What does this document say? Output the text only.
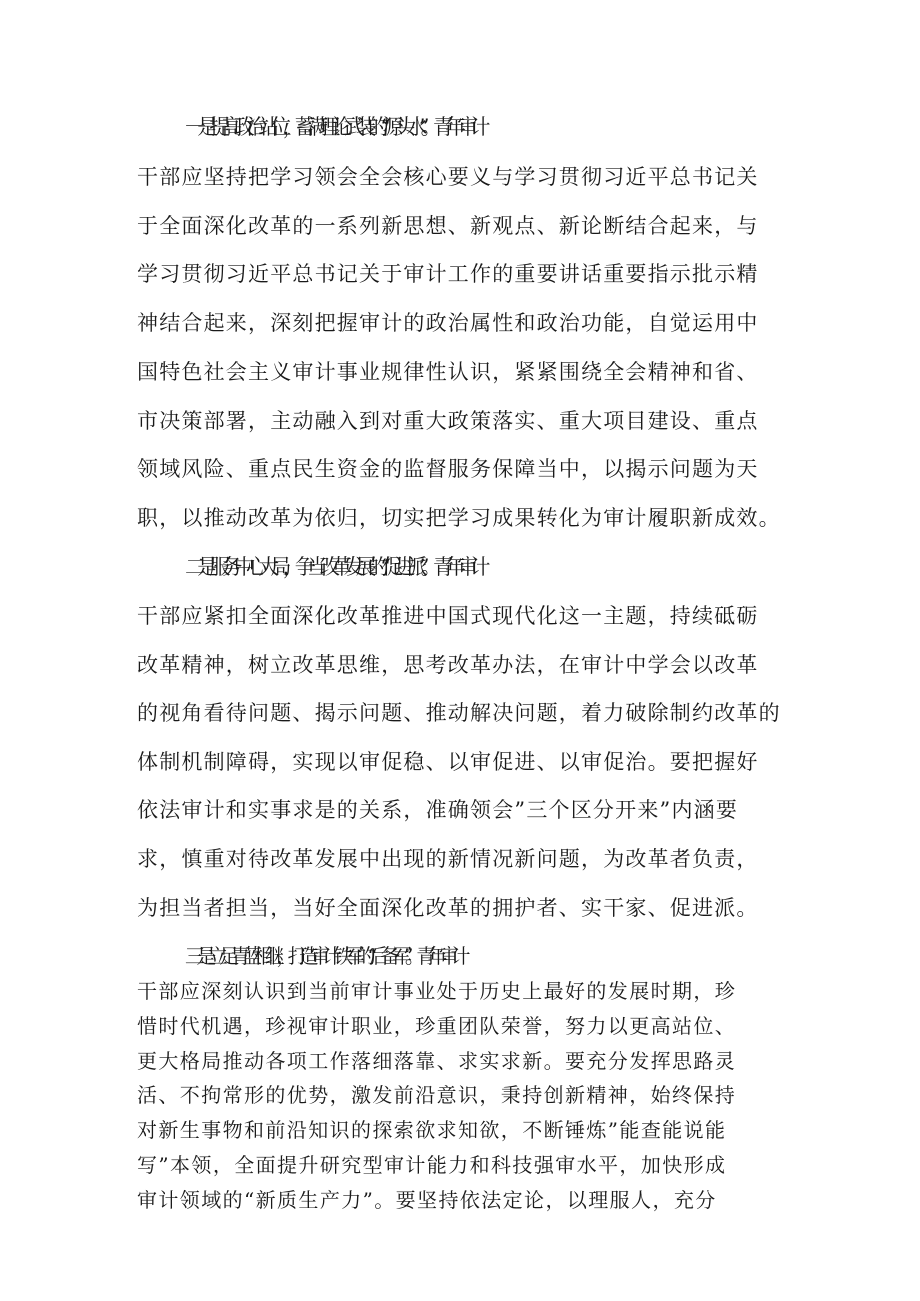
一是提高政治站位，蓄满理论武装的“源头水”。青年审计
干部应坚持把学习领会全会核心要义与学习贯彻习近平总书记关
于全面深化改革的一系列新思想、新观点、新论断结合起来，与
学习贯彻习近平总书记关于审计工作的重要讲话重要指示批示精
神结合起来，深刻把握审计的政治属性和政治功能，自觉运用中
国特色社会主义审计事业规律性认识，紧紧围绕全会精神和省、
市决策部署，主动融入到对重大政策落实、重大项目建设、重点
领域风险、重点民生资金的监督服务保障当中，以揭示问题为天
职，以推动改革为依归，切实把学习成果转化为审计履职新成效。
二是服务中心大局，争当改革发展的“促进派”。青年审计
干部应紧扣全面深化改革推进中国式现代化这一主题，持续砥砺
改革精神，树立改革思维，思考改革办法，在审计中学会以改革
的视角看待问题、揭示问题、推动解决问题，着力破除制约改革的
体制机制障碍，实现以审促稳、以审促进、以审促治。要把握好
依法审计和实事求是的关系，准确领会”三个区分开来”内涵要
求，慎重对待改革发展中出现的新情况新问题，为改革者负责，
为担当者担当，当好全面深化改革的拥护者、实干家、促进派。
三是立足青蓝相继，打造审计铁军的“后备军”。青年审计
干部应深刻认识到当前审计事业处于历史上最好的发展时期，珍
惜时代机遇，珍视审计职业，珍重团队荣誉，努力以更高站位、
更大格局推动各项工作落细落靠、求实求新。要充分发挥思路灵
活、不拘常形的优势，激发前沿意识，秉持创新精神，始终保持
对新生事物和前沿知识的探索欲求知欲，不断锤炼”能查能说能
写”本领，全面提升研究型审计能力和科技强审水平，加快形成
审计领域的“新质生产力”。要坚持依法定论，以理服人，充分
